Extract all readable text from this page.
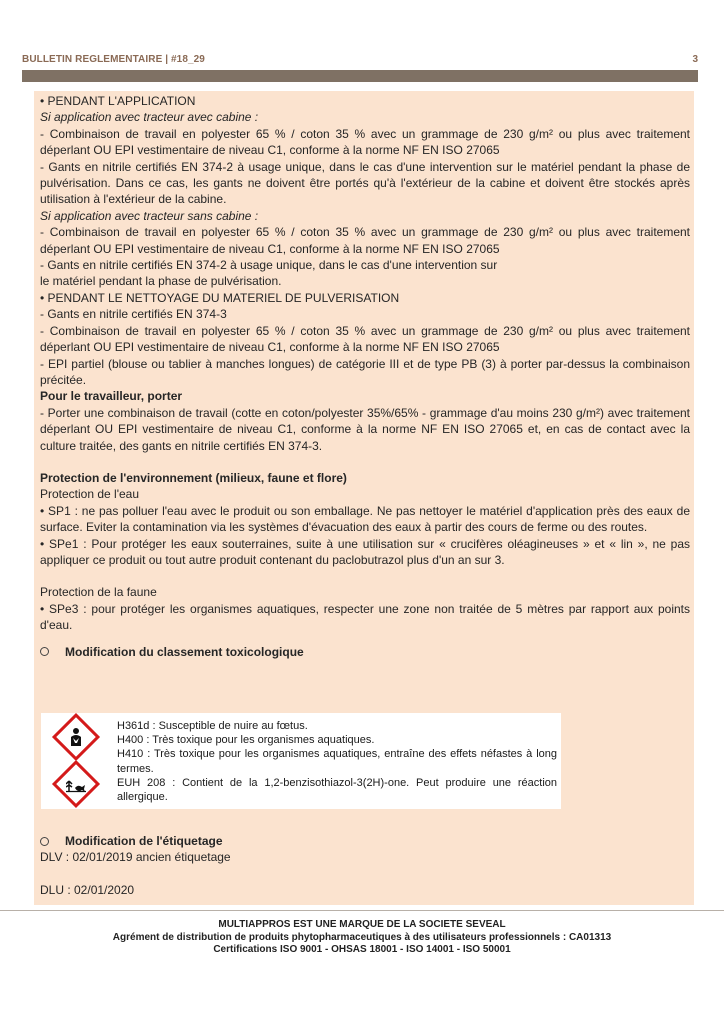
BULLETIN REGLEMENTAIRE | #18_29	3

• PENDANT L'APPLICATION

Si application avec tracteur avec cabine :

- Combinaison de travail en polyester 65 % / coton 35 % avec un grammage de 230 g/m² ou plus avec traitement déperlant OU EPI vestimentaire de niveau C1, conforme à la norme NF EN ISO 27065

- Gants en nitrile certifiés EN 374-2 à usage unique, dans le cas d'une intervention sur le matériel pendant la phase de pulvérisation. Dans ce cas, les gants ne doivent être portés qu'à l'extérieur de la cabine et doivent être stockés après utilisation à l'extérieur de la cabine.

Si application avec tracteur sans cabine :

- Combinaison de travail en polyester 65 % / coton 35 % avec un grammage de 230 g/m² ou plus avec traitement déperlant OU EPI vestimentaire de niveau C1, conforme à la norme NF EN ISO 27065

- Gants en nitrile certifiés EN 374-2 à usage unique, dans le cas d'une intervention sur

le matériel pendant la phase de pulvérisation.

• PENDANT LE NETTOYAGE DU MATERIEL DE PULVERISATION

- Gants en nitrile certifiés EN 374-3

- Combinaison de travail en polyester 65 % / coton 35 % avec un grammage de 230 g/m² ou plus avec traitement déperlant OU EPI vestimentaire de niveau C1, conforme à la norme NF EN ISO 27065

- EPI partiel (blouse ou tablier à manches longues) de catégorie III et de type PB (3) à porter par-dessus la combinaison précitée.

Pour le travailleur, porter

- Porter une combinaison de travail (cotte en coton/polyester 35%/65% - grammage d'au moins 230 g/m²) avec traitement déperlant OU EPI vestimentaire de niveau C1, conforme à la norme NF EN ISO 27065 et, en cas de contact avec la culture traitée, des gants en nitrile certifiés EN 374-3.

Protection de l'environnement (milieux, faune et flore)

Protection de l'eau

• SP1 : ne pas polluer l'eau avec le produit ou son emballage. Ne pas nettoyer le matériel d'application près des eaux de surface. Eviter la contamination via les systèmes d'évacuation des eaux à partir des cours de ferme ou des routes.

• SPe1 : Pour protéger les eaux souterraines, suite à une utilisation sur « crucifères oléagineuses » et « lin », ne pas appliquer ce produit ou tout autre produit contenant du paclobutrazol plus d'un an sur 3.

Protection de la faune

• SPe3 : pour protéger les organismes aquatiques, respecter une zone non traitée de 5 mètres par rapport aux points d'eau.

Modification du classement toxicologique

H361d : Susceptible de nuire au fœtus.

H400 : Très toxique pour les organismes aquatiques.

H410 : Très toxique pour les organismes aquatiques, entraîne des effets néfastes à long termes.

EUH 208 : Contient de la 1,2-benzisothiazol-3(2H)-one. Peut produire une réaction allergique.

Modification de l'étiquetage

DLV : 02/01/2019 ancien étiquetage

DLU : 02/01/2020

MULTIAPPROS EST UNE MARQUE DE LA SOCIETE SEVEAL
Agrément de distribution de produits phytopharmaceutiques à des utilisateurs professionnels : CA01313
Certifications ISO 9001 - OHSAS 18001 - ISO 14001 - ISO 50001
